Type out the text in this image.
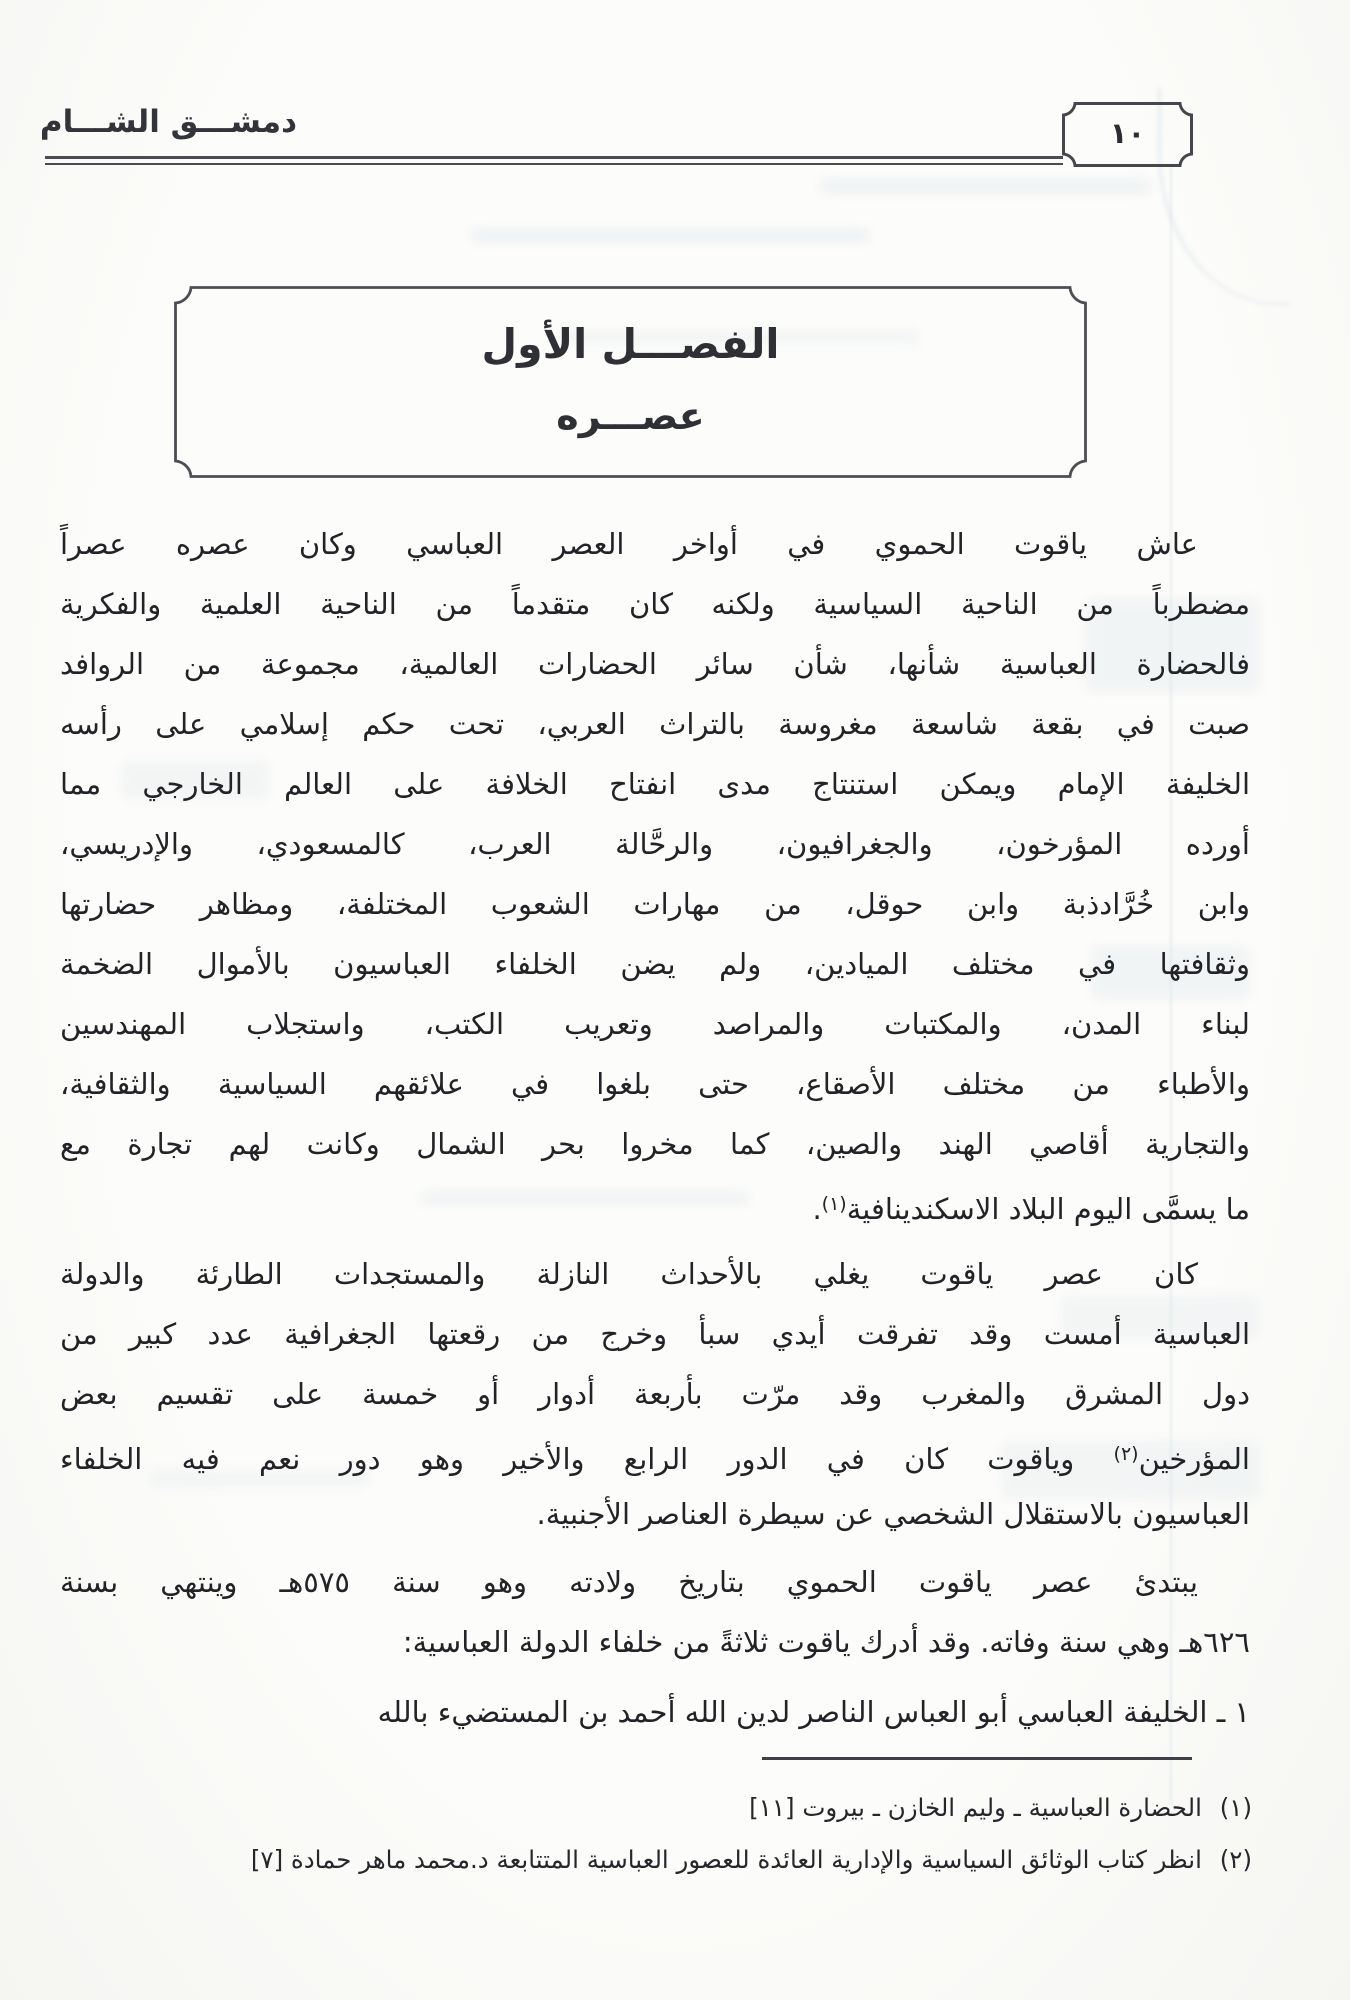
دمشـــق الشـــام	١٠
الفصـــل الأول
عصـــره
عاش ياقوت الحموي في أواخر العصر العباسي وكان عصره عصراً
مضطرباً من الناحية السياسية ولكنه كان متقدماً من الناحية العلمية والفكرية
فالحضارة العباسية شأنها، شأن سائر الحضارات العالمية، مجموعة من الروافد
صبت في بقعة شاسعة مغروسة بالتراث العربي، تحت حكم إسلامي على رأسه
الخليفة الإمام ويمكن استنتاج مدى انفتاح الخلافة على العالم الخارجي مما
أورده المؤرخون، والجغرافيون، والرحَّالة العرب، كالمسعودي، والإدريسي،
وابن خُرَّادذبة وابن حوقل، من مهارات الشعوب المختلفة، ومظاهر حضارتها
وثقافتها في مختلف الميادين، ولم يضن الخلفاء العباسيون بالأموال الضخمة
لبناء المدن، والمكتبات والمراصد وتعريب الكتب، واستجلاب المهندسين
والأطباء من مختلف الأصقاع، حتى بلغوا في علائقهم السياسية والثقافية،
والتجارية أقاصي الهند والصين، كما مخروا بحر الشمال وكانت لهم تجارة مع
ما يسمَّى اليوم البلاد الاسكندينافية$^{(١)}$.
كان عصر ياقوت يغلي بالأحداث النازلة والمستجدات الطارئة والدولة
العباسية أمست وقد تفرقت أيدي سبأ وخرج من رقعتها الجغرافية عدد كبير من
دول المشرق والمغرب وقد مرّت بأربعة أدوار أو خمسة على تقسيم بعض
المؤرخين$^{(٢)}$ وياقوت كان في الدور الرابع والأخير وهو دور نعم فيه الخلفاء
العباسيون بالاستقلال الشخصي عن سيطرة العناصر الأجنبية.
يبتدئ عصر ياقوت الحموي بتاريخ ولادته وهو سنة ٥٧٥هـ وينتهي بسنة
٦٢٦هـ وهي سنة وفاته. وقد أدرك ياقوت ثلاثةً من خلفاء الدولة العباسية:
١ ـ الخليفة العباسي أبو العباس الناصر لدين الله أحمد بن المستضيء بالله
(١) الحضارة العباسية ـ وليم الخازن ـ بيروت [١١]
(٢) انظر كتاب الوثائق السياسية والإدارية العائدة للعصور العباسية المتتابعة د.محمد ماهر حمادة [٧]
